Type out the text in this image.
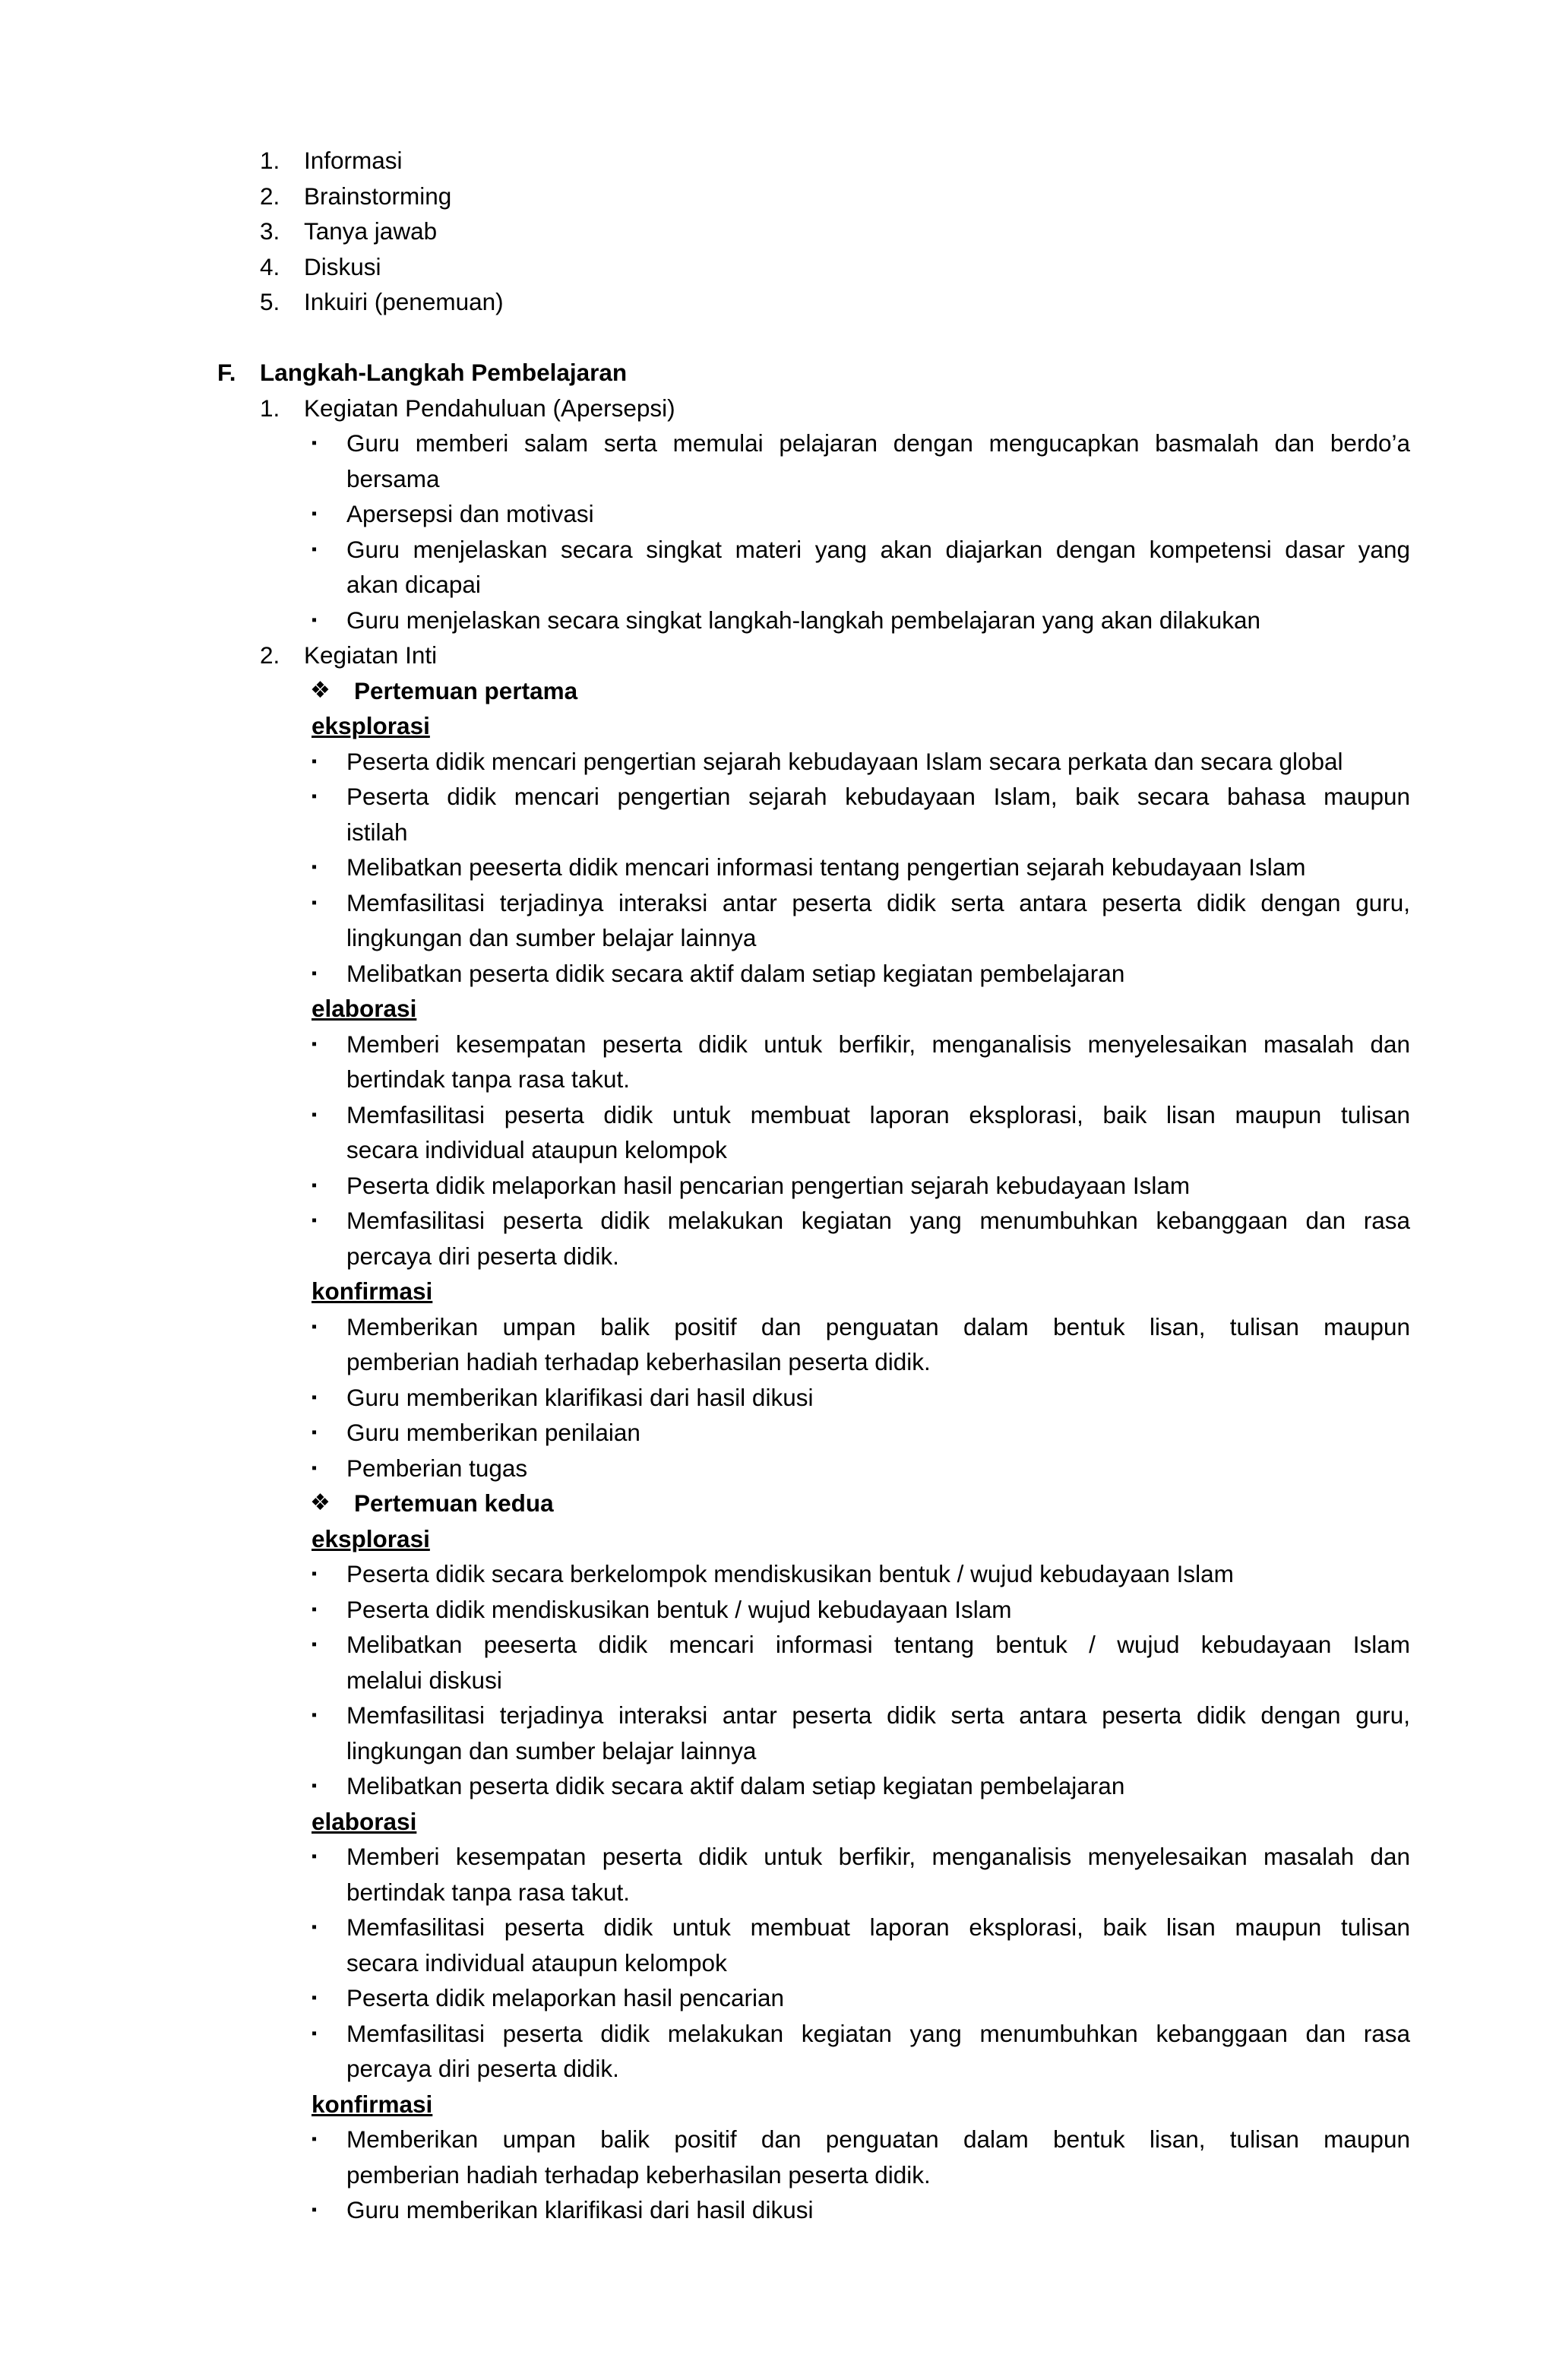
1.	Informasi
2.	Brainstorming
3.	Tanya jawab
4.	Diskusi
5.	Inkuiri (penemuan)
F. Langkah-Langkah Pembelajaran
1.	Kegiatan Pendahuluan (Apersepsi)
▪ Guru memberi salam serta memulai pelajaran dengan mengucapkan basmalah dan berdo’a
bersama
▪ Apersepsi dan motivasi
▪ Guru menjelaskan secara singkat materi yang akan diajarkan dengan kompetensi dasar yang
akan dicapai
▪ Guru menjelaskan secara singkat langkah-langkah pembelajaran yang akan dilakukan
2.	Kegiatan Inti
❖ Pertemuan pertama
eksplorasi
▪ Peserta didik mencari pengertian sejarah kebudayaan Islam secara perkata dan secara global
▪ Peserta didik mencari pengertian sejarah kebudayaan Islam, baik secara bahasa maupun
istilah
▪ Melibatkan peeserta didik mencari informasi tentang pengertian sejarah kebudayaan Islam
▪ Memfasilitasi terjadinya interaksi antar peserta didik serta antara peserta didik dengan guru,
lingkungan dan sumber belajar lainnya
▪ Melibatkan peserta didik secara aktif dalam setiap kegiatan pembelajaran
elaborasi
▪ Memberi kesempatan peserta didik untuk berfikir, menganalisis menyelesaikan masalah dan
bertindak tanpa rasa takut.
▪ Memfasilitasi peserta didik untuk membuat laporan eksplorasi, baik lisan maupun tulisan
secara individual ataupun kelompok
▪ Peserta didik melaporkan hasil pencarian pengertian sejarah kebudayaan Islam
▪ Memfasilitasi peserta didik melakukan kegiatan yang menumbuhkan kebanggaan dan rasa
percaya diri peserta didik.
konfirmasi
▪ Memberikan umpan balik positif dan penguatan dalam bentuk lisan, tulisan maupun
pemberian hadiah terhadap keberhasilan peserta didik.
▪ Guru memberikan klarifikasi dari hasil dikusi
▪ Guru memberikan penilaian
▪ Pemberian tugas
❖ Pertemuan kedua
eksplorasi
▪ Peserta didik secara berkelompok mendiskusikan bentuk / wujud kebudayaan Islam
▪ Peserta didik mendiskusikan bentuk / wujud kebudayaan Islam
▪ Melibatkan peeserta didik mencari informasi tentang bentuk / wujud kebudayaan Islam
melalui diskusi
▪ Memfasilitasi terjadinya interaksi antar peserta didik serta antara peserta didik dengan guru,
lingkungan dan sumber belajar lainnya
▪ Melibatkan peserta didik secara aktif dalam setiap kegiatan pembelajaran
elaborasi
▪ Memberi kesempatan peserta didik untuk berfikir, menganalisis menyelesaikan masalah dan
bertindak tanpa rasa takut.
▪ Memfasilitasi peserta didik untuk membuat laporan eksplorasi, baik lisan maupun tulisan
secara individual ataupun kelompok
▪ Peserta didik melaporkan hasil pencarian
▪ Memfasilitasi peserta didik melakukan kegiatan yang menumbuhkan kebanggaan dan rasa
percaya diri peserta didik.
konfirmasi
▪ Memberikan umpan balik positif dan penguatan dalam bentuk lisan, tulisan maupun
pemberian hadiah terhadap keberhasilan peserta didik.
▪ Guru memberikan klarifikasi dari hasil dikusi
